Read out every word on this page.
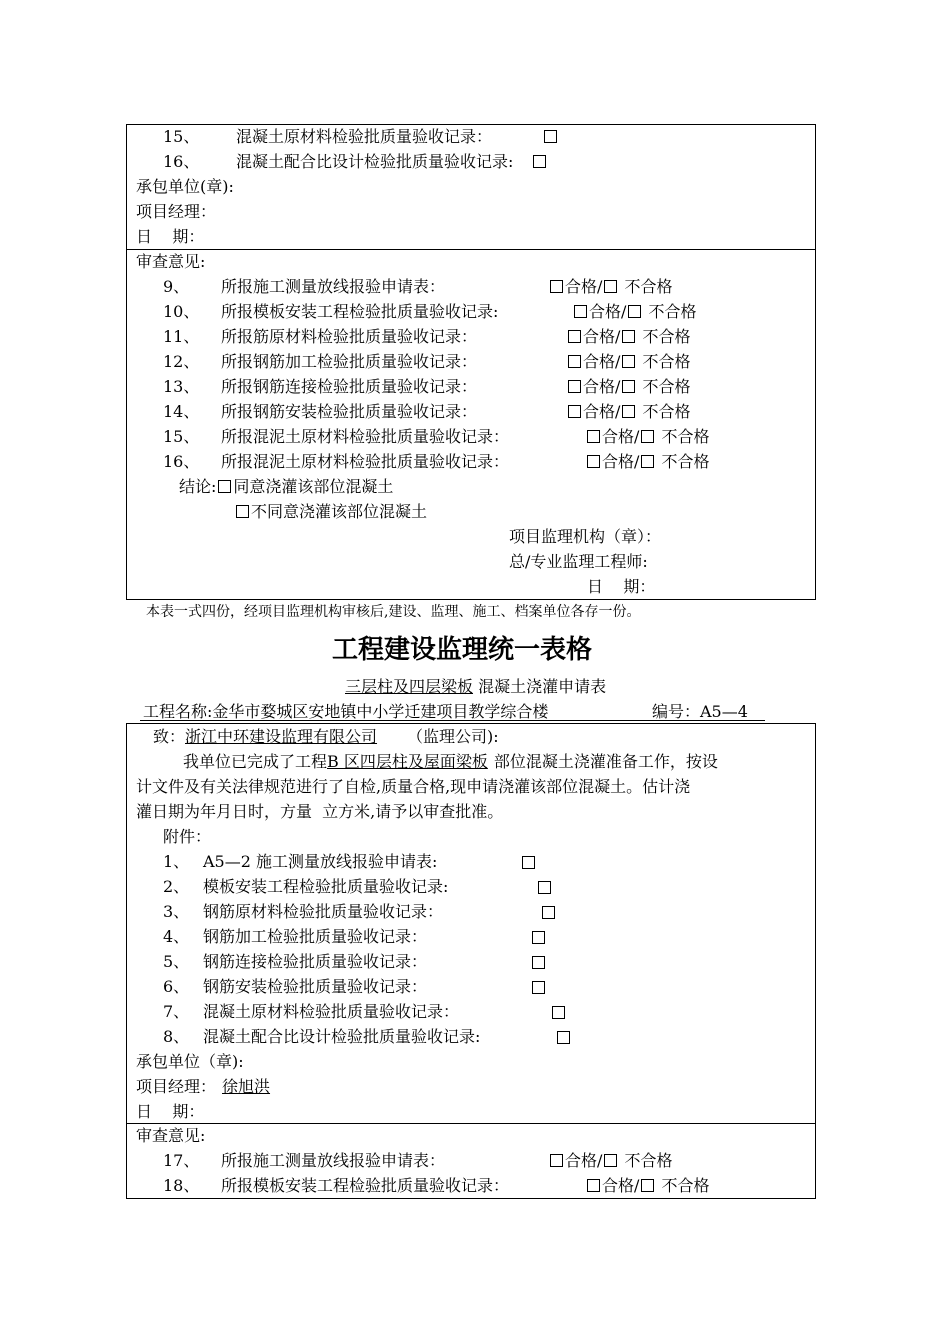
15、 混凝土原材料检验批质量验收记录：
16、 混凝土配合比设计检验批质量验收记录:
承包单位(章):
项目经理：
日    期：
审查意见:
9、 所报施工测量放线报验申请表：	合格/ 不合格
10、 所报模板安装工程检验批质量验收记录:	合格/ 不合格
11、 所报筋原材料检验批质量验收记录：	合格/ 不合格
12、 所报钢筋加工检验批质量验收记录：	合格/ 不合格
13、 所报钢筋连接检验批质量验收记录：	合格/ 不合格
14、 所报钢筋安装检验批质量验收记录：	合格/ 不合格
15、 所报混泥土原材料检验批质量验收记录：	合格/ 不合格
16、 所报混泥土原材料检验批质量验收记录：	合格/ 不合格
结论: 同意浇灌该部位混凝土
不同意浇灌该部位混凝土
项目监理机构（章）：
总/专业监理工程师:
日    期：
本表一式四份，经项目监理机构审核后,建设、监理、施工、档案单位各存一份。
工程建设监理统一表格
三层柱及四层梁板 混凝土浇灌申请表
工程名称:金华市婺城区安地镇中小学迁建项目教学综合楼	编号：A5—4
致：浙江中环建设监理有限公司 （监理公司):
我单位已完成了工程B 区四层柱及屋面梁板 部位混凝土浇灌准备工作，按设
计文件及有关法律规范进行了自检,质量合格,现申请浇灌该部位混凝土。估计浇
灌日期为年月日时，方量  立方米,请予以审查批准。
附件：
1、 A5—2 施工测量放线报验申请表:
2、 模板安装工程检验批质量验收记录:
3、 钢筋原材料检验批质量验收记录：
4、 钢筋加工检验批质量验收记录：
5、 钢筋连接检验批质量验收记录：
6、 钢筋安装检验批质量验收记录：
7、 混凝土原材料检验批质量验收记录：
8、 混凝土配合比设计检验批质量验收记录:
承包单位（章):
项目经理： 徐旭洪
日    期：
审查意见:
17、 所报施工测量放线报验申请表：	合格/ 不合格
18、 所报模板安装工程检验批质量验收记录：	合格/ 不合格
